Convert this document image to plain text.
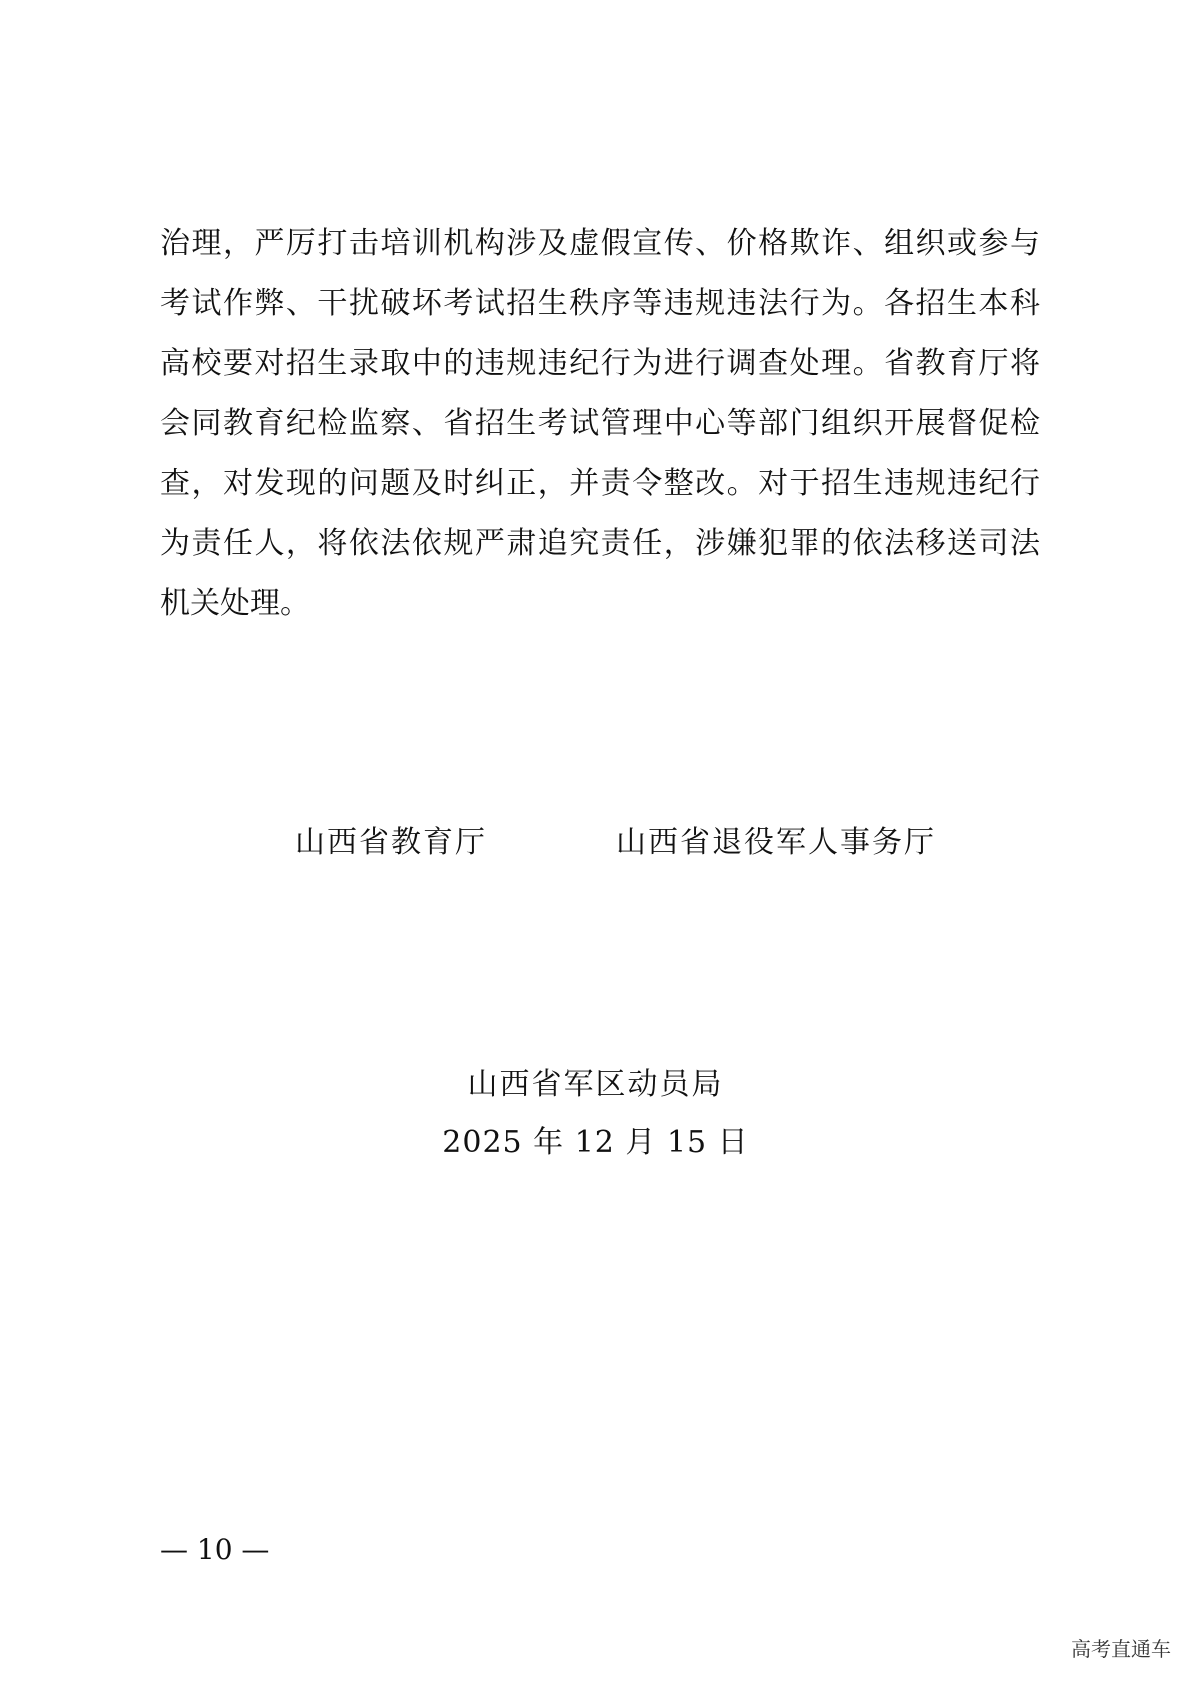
治理，严厉打击培训机构涉及虚假宣传、价格欺诈、组织或参与
考试作弊、干扰破坏考试招生秩序等违规违法行为。各招生本科
高校要对招生录取中的违规违纪行为进行调查处理。省教育厅将
会同教育纪检监察、省招生考试管理中心等部门组织开展督促检
查，对发现的问题及时纠正，并责令整改。对于招生违规违纪行
为责任人，将依法依规严肃追究责任，涉嫌犯罪的依法移送司法
机关处理。
山西省教育厅	山西省退役军人事务厅
山西省军区动员局
2025 年 12 月 15 日
— 10 —
高考直通车
